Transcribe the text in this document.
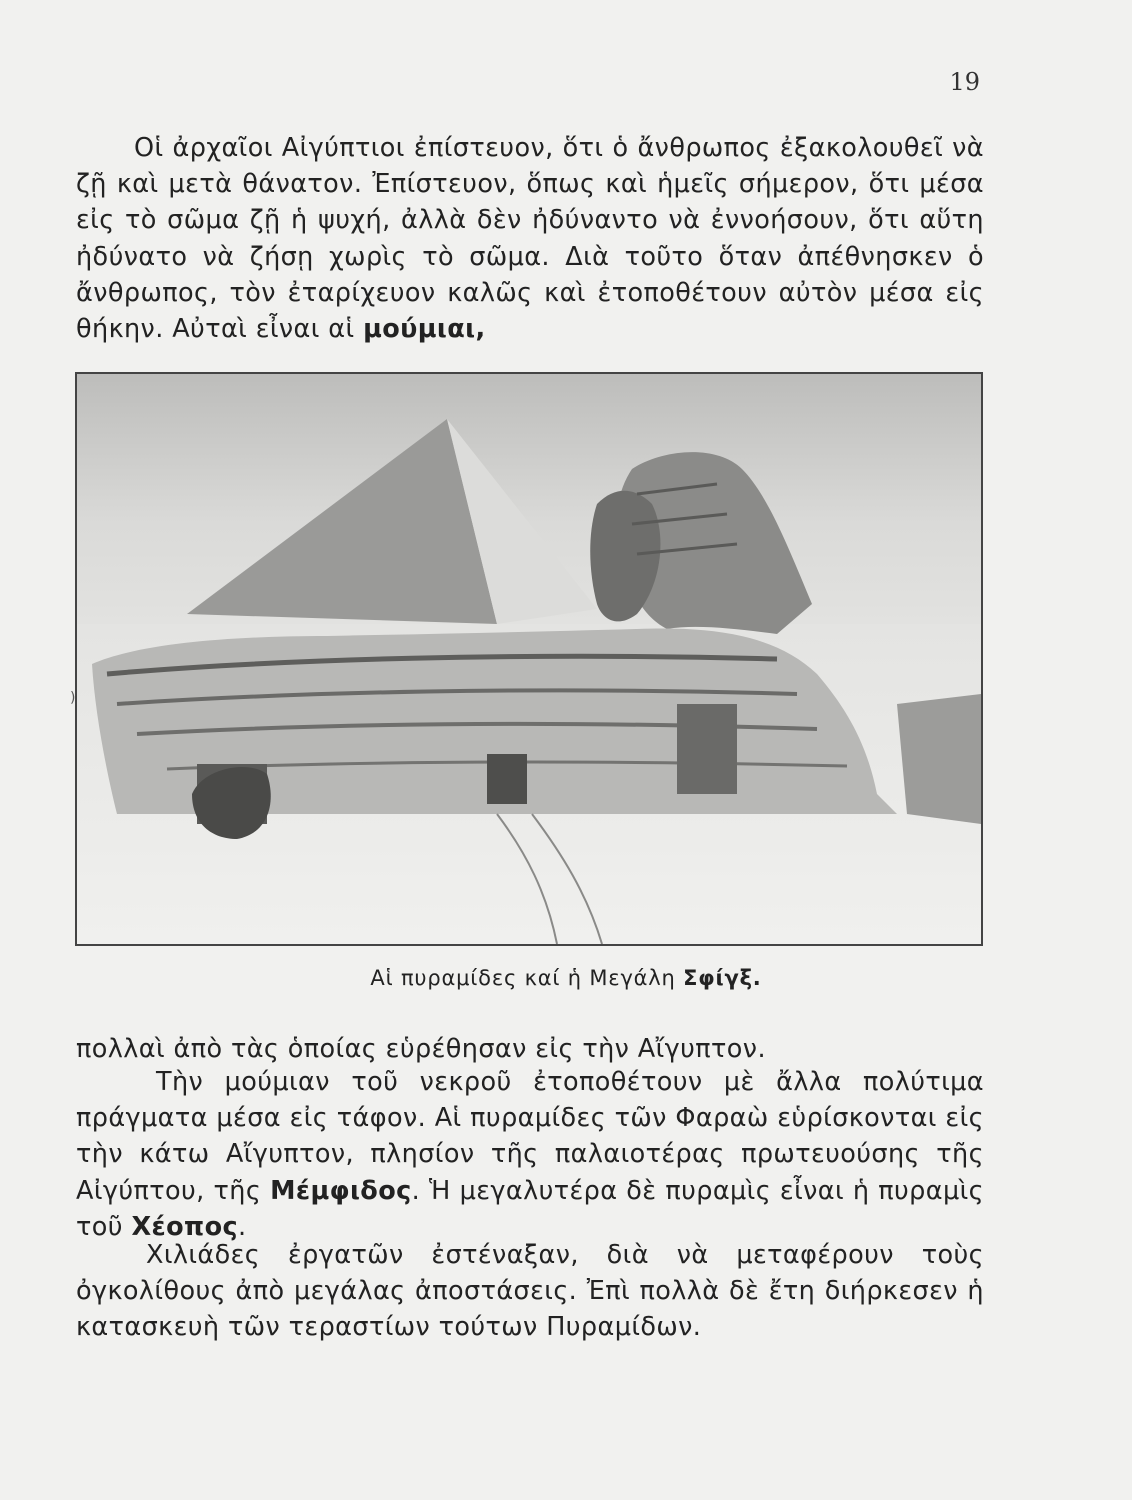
19

Οἱ ἀρχαῖοι Αἰγύπτιοι ἐπίστευον, ὅτι ὁ ἄνθρωπος ἐξακολουθεῖ νὰ ζῇ καὶ μετὰ θάνατον. Ἐπίστευον, ὅπως καὶ ἡμεῖς σήμερον, ὅτι μέσα εἰς τὸ σῶμα ζῇ ἡ ψυχή, ἀλλὰ δὲν ἠδύναντο νὰ ἐννοήσουν, ὅτι αὕτη ἠδύνατο νὰ ζήσῃ χωρὶς τὸ σῶμα. Διὰ τοῦτο ὅταν ἀπέθνησκεν ὁ ἄνθρωπος, τὸν ἐταρίχευον καλῶς καὶ ἐτοποθέτουν αὐτὸν μέσα εἰς θήκην. Αὐταὶ εἶναι αἱ μούμιαι,

)
Αἱ πυραμίδες καί ἡ Μεγάλη Σφίγξ.

πολλαὶ ἀπὸ τὰς ὁποίας εὑρέθησαν εἰς τὴν Αἴγυπτον.

Τὴν μούμιαν τοῦ νεκροῦ ἐτοποθέτουν μὲ ἄλλα πολύτιμα πράγματα μέσα εἰς τάφον. Αἱ πυραμίδες τῶν Φαραὼ εὑρίσκονται εἰς τὴν κάτω Αἴγυπτον, πλησίον τῆς παλαιοτέρας πρωτευούσης τῆς Αἰγύπτου, τῆς Μέμφιδος. Ἡ μεγαλυτέρα δὲ πυραμὶς εἶναι ἡ πυραμὶς τοῦ Χέοπος.

Χιλιάδες ἐργατῶν ἐστέναξαν, διὰ νὰ μεταφέρουν τοὺς ὀγκολίθους ἀπὸ μεγάλας ἀποστάσεις. Ἐπὶ πολλὰ δὲ ἔτη διήρκεσεν ἡ κατασκευὴ τῶν τεραστίων τούτων Πυραμίδων.
